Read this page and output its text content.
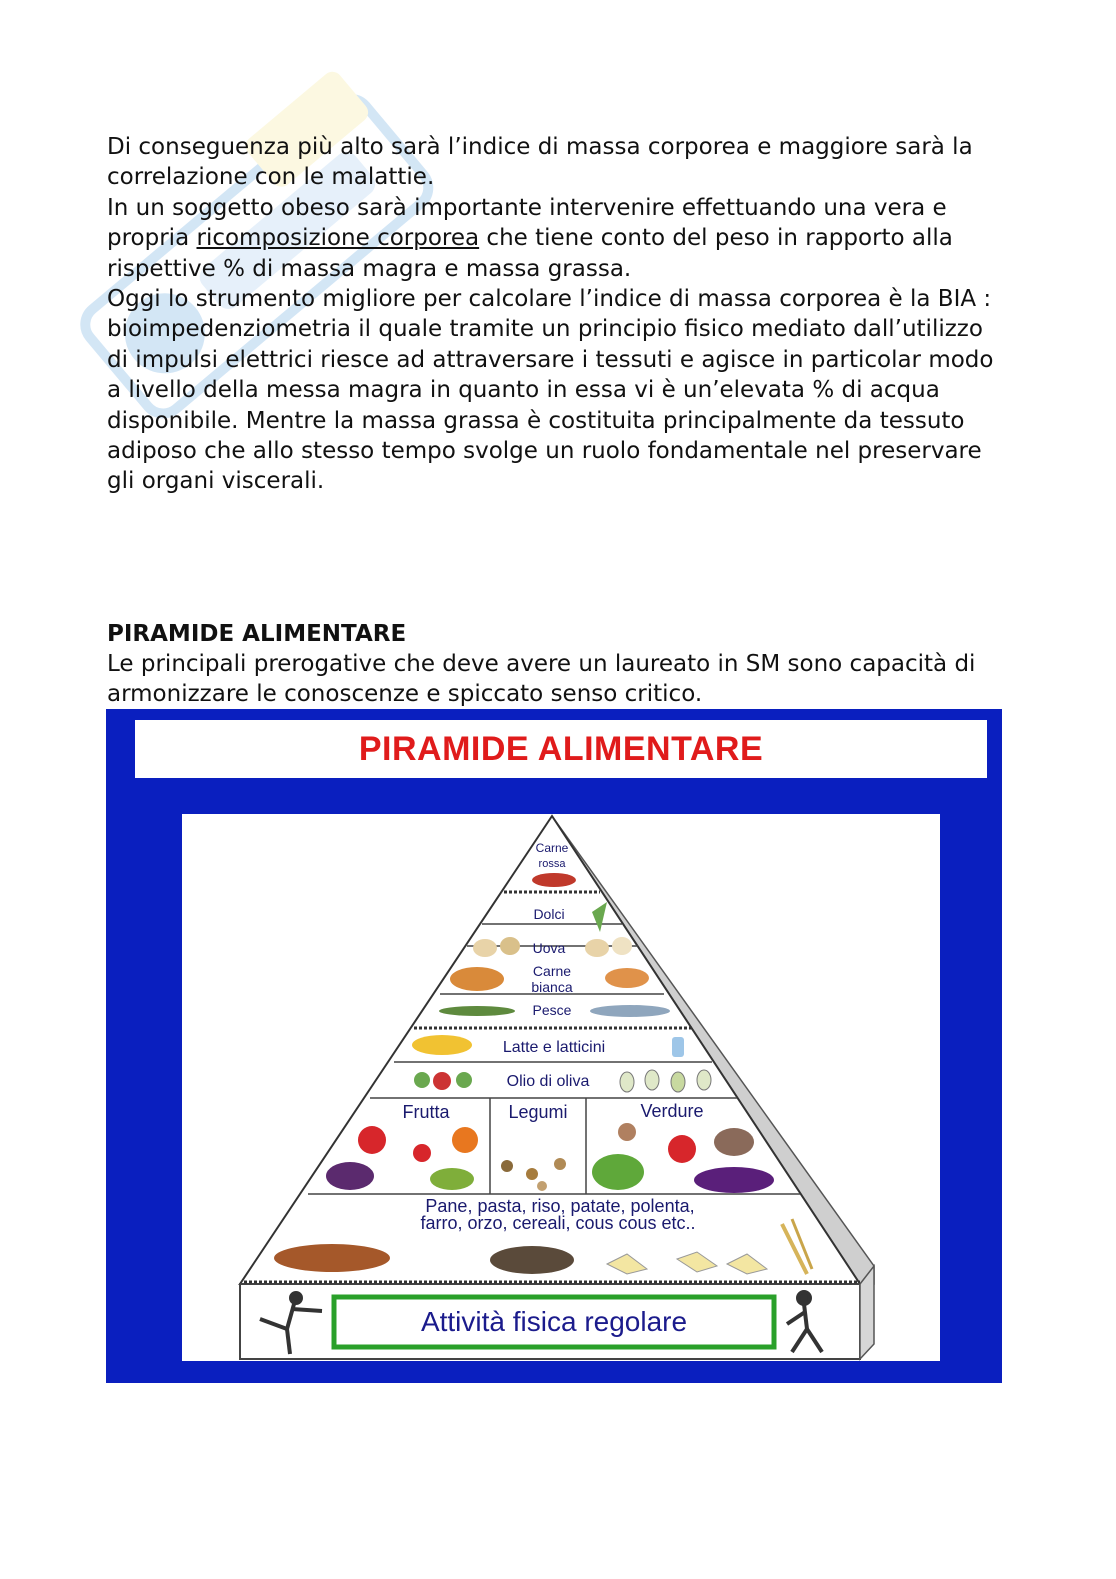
Di conseguenza più alto sarà l’indice di massa corporea e maggiore sarà la correlazione con le malattie.

In un soggetto obeso sarà importante intervenire effettuando una vera e propria ricomposizione corporea che tiene conto del peso in rapporto alla rispettive % di massa magra e massa grassa.

Oggi lo strumento migliore per calcolare l’indice di massa corporea è la BIA : bioimpedenziometria il quale tramite un principio fisico mediato dall’utilizzo di impulsi elettrici riesce ad attraversare i tessuti e agisce in particolar modo a livello della messa magra in quanto in essa vi è un’elevata % di acqua disponibile. Mentre la massa grassa è costituita principalmente da tessuto adiposo che allo stesso tempo svolge un ruolo fondamentale nel preservare gli organi viscerali.

PIRAMIDE ALIMENTARE

Le principali prerogative che deve avere un laureato in SM sono capacità di armonizzare le conoscenze e spiccato senso critico.

PIRAMIDE ALIMENTARE
Carne
rossa
Dolci
Uova
Carne
bianca
Pesce
Latte e latticini
Olio di oliva
Frutta	Legumi	Verdure
Pane, pasta, riso, patate, polenta,
farro, orzo, cereali, cous cous etc..
Attività fisica regolare
